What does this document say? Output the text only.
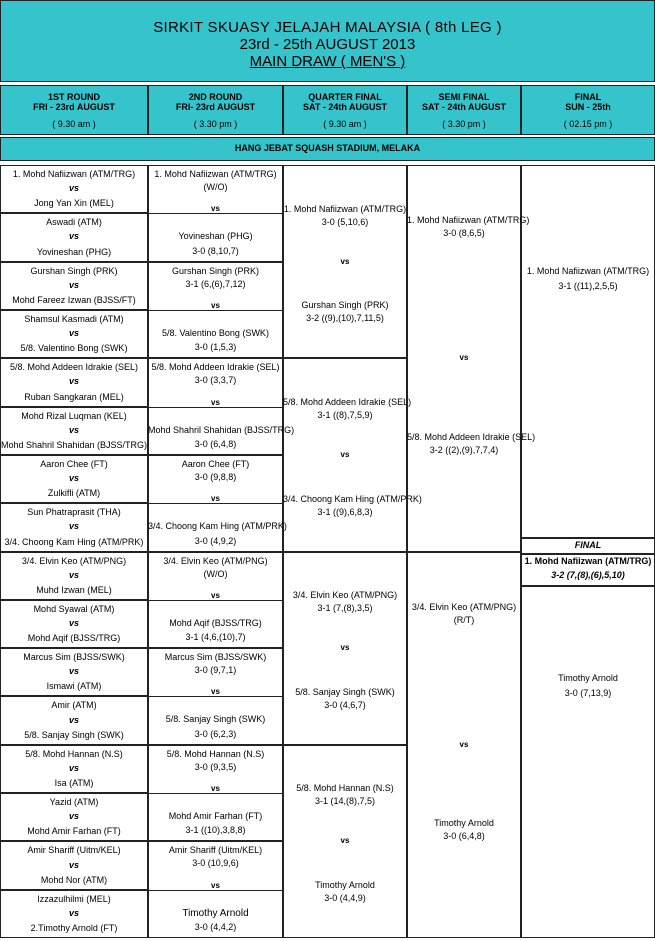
SIRKIT SKUASY JELAJAH MALAYSIA ( 8th LEG )
23rd - 25th AUGUST 2013
MAIN DRAW ( MEN'S )
1ST ROUND
FRI - 23rd AUGUST
( 9.30 am )
2ND ROUND
FRI- 23rd AUGUST
( 3.30 pm )
QUARTER FINAL
SAT - 24th AUGUST
( 9.30 am )
SEMI FINAL
SAT - 24th AUGUST
( 3.30 pm )
FINAL
SUN - 25th
( 02.15 pm )
HANG JEBAT SQUASH STADIUM, MELAKA
1. Mohd Nafiizwan (ATM/TRG)
vs
Jong Yan Xin (MEL)
Aswadi (ATM)
vs
Yovineshan (PHG)
Gurshan Singh (PRK)
vs
Mohd Fareez Izwan (BJSS/FT)
Shamsul Kasmadi (ATM)
vs
5/8. Valentino Bong (SWK)
5/8. Mohd Addeen Idrakie (SEL)
vs
Ruban Sangkaran (MEL)
Mohd Rizal Luqman (KEL)
vs
Mohd Shahril Shahidan (BJSS/TRG)
Aaron Chee (FT)
vs
Zulkifli (ATM)
Sun Phatraprasit (THA)
vs
3/4. Choong Kam Hing (ATM/PRK)
3/4. Elvin Keo (ATM/PNG)
vs
Muhd Izwan (MEL)
Mohd Syawal (ATM)
vs
Mohd Aqif (BJSS/TRG)
Marcus Sim (BJSS/SWK)
vs
Ismawi (ATM)
Amir (ATM)
vs
5/8. Sanjay Singh (SWK)
5/8. Mohd Hannan (N.S)
vs
Isa (ATM)
Yazid (ATM)
vs
Mohd Amir Farhan (FT)
Amir Shariff (Uitm/KEL)
vs
Mohd Nor (ATM)
Izzazulhilmi (MEL)
vs
2.Timothy Arnold (FT)
1. Mohd Nafiizwan (ATM/TRG)
(W/O)
vs
Yovineshan (PHG)
3-0 (8,10,7)
Gurshan Singh (PRK)
3-1 (6,(6),7,12)
vs
5/8. Valentino Bong (SWK)
3-0 (1,5,3)
5/8. Mohd Addeen Idrakie (SEL)
3-0 (3,3,7)
vs
Mohd Shahril Shahidan (BJSS/TRG)
3-0 (6,4,8)
Aaron Chee (FT)
3-0 (9,8,8)
vs
3/4. Choong Kam Hing (ATM/PRK)
3-0 (4,9,2)
3/4. Elvin Keo (ATM/PNG)
(W/O)
vs
Mohd Aqif (BJSS/TRG)
3-1 (4,6,(10),7)
Marcus Sim (BJSS/SWK)
3-0 (9,7,1)
vs
5/8. Sanjay Singh (SWK)
3-0 (6,2,3)
5/8. Mohd Hannan (N.S)
3-0 (9,3,5)
vs
Mohd Amir Farhan (FT)
3-1 ((10),3,8,8)
Amir Shariff (Uitm/KEL)
3-0 (10,9,6)
vs
Timothy Arnold
3-0 (4,4,2)
1. Mohd Nafiizwan (ATM/TRG)
3-0 (5,10,6)
vs
Gurshan Singh (PRK)
3-2 ((9),(10),7,11,5)
5/8. Mohd Addeen Idrakie (SEL)
3-1 ((8),7,5,9)
vs
3/4. Choong Kam Hing (ATM/PRK)
3-1 ((9),6,8,3)
3/4. Elvin Keo (ATM/PNG)
3-1 (7,(8),3,5)
vs
5/8. Sanjay Singh (SWK)
3-0 (4,6,7)
5/8. Mohd Hannan (N.S)
3-1 (14,(8),7,5)
vs
Timothy Arnold
3-0 (4,4,9)
1. Mohd Nafiizwan (ATM/TRG)
3-0 (8,6,5)
vs
5/8. Mohd Addeen Idrakie (SEL)
3-2 ((2),(9),7,7,4)
3/4. Elvin Keo (ATM/PNG)
(R/T)
vs
Timothy Arnold
3-0 (6,4,8)
1. Mohd Nafiizwan (ATM/TRG)
3-1 ((11),2,5,5)
FINAL
1. Mohd Nafiizwan (ATM/TRG)
3-2 (7,(8),(6),5,10)
Timothy Arnold
3-0 (7,13,9)
